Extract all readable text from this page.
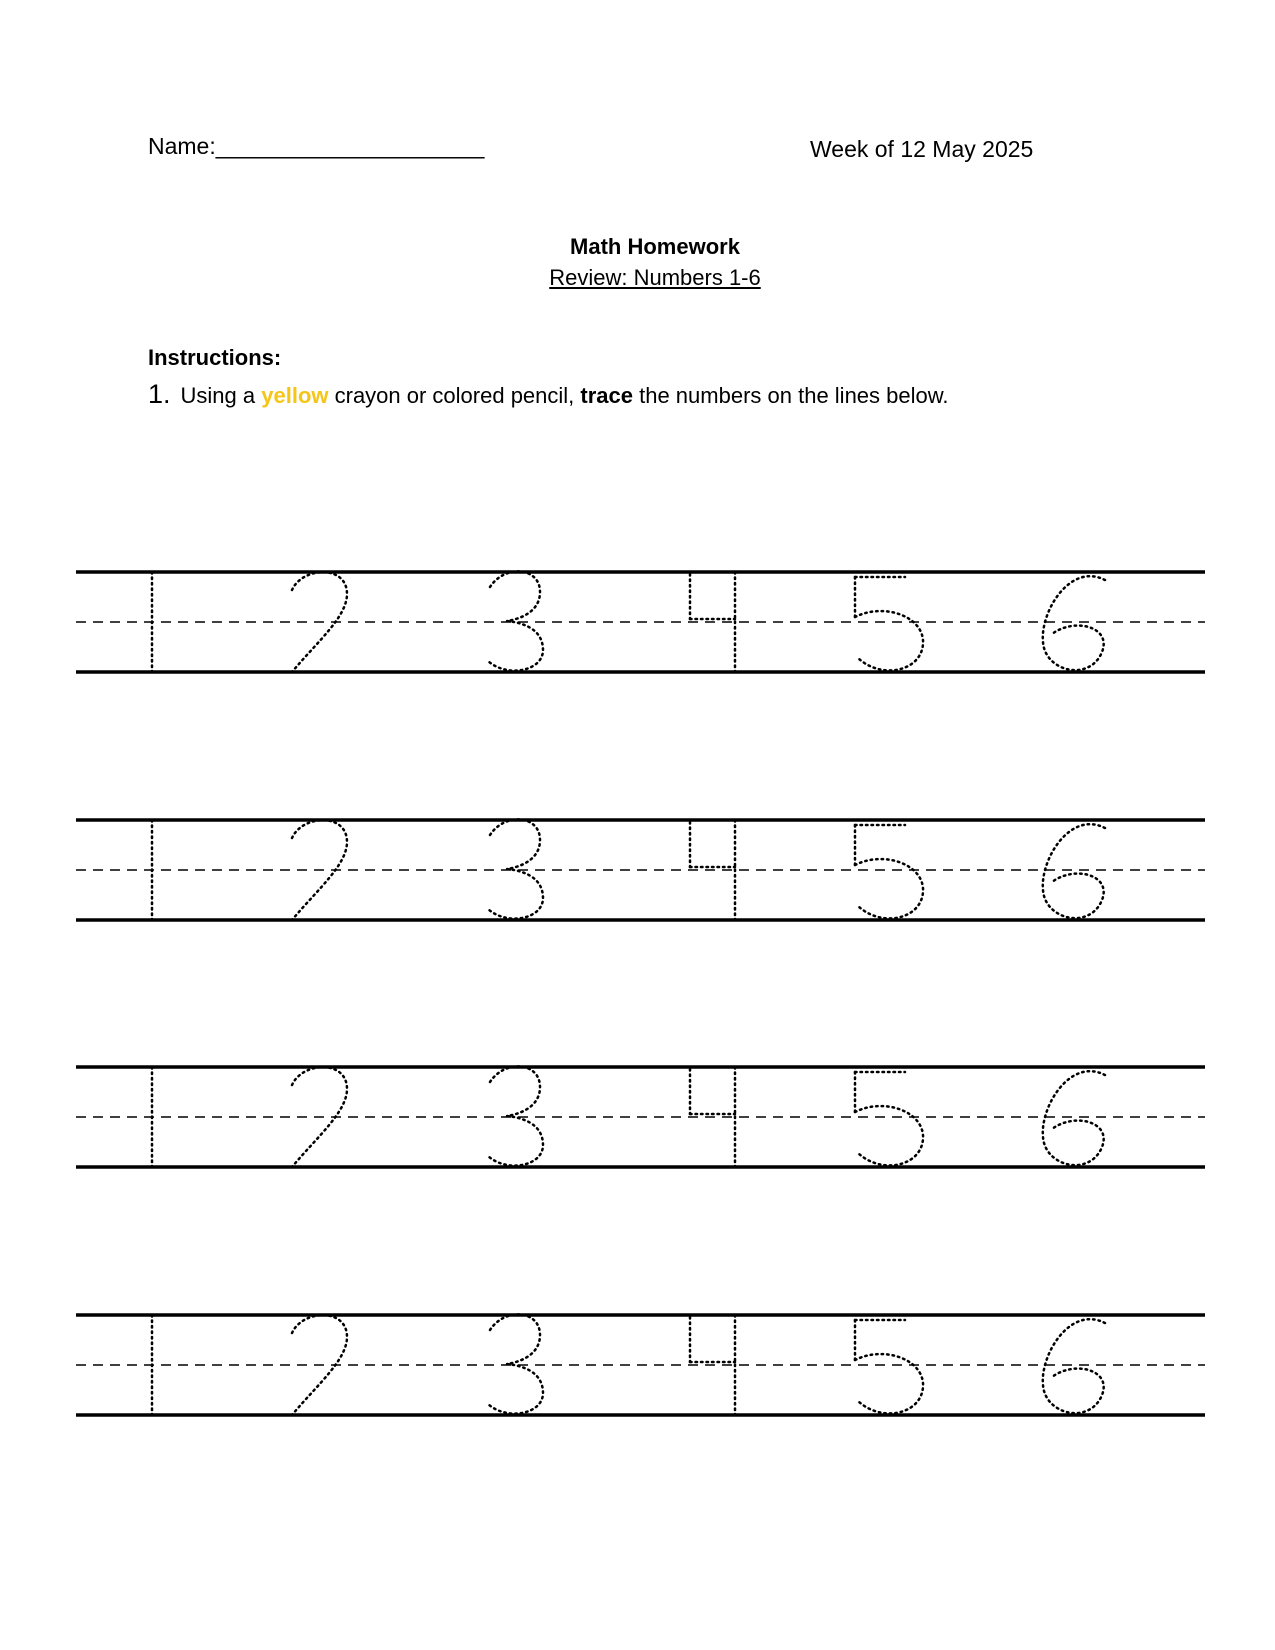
Name:_____________________	Week of 12 May 2025
Math Homework
Review: Numbers 1-6
Instructions:
1. Using a yellow crayon or colored pencil, trace the numbers on the lines below.
